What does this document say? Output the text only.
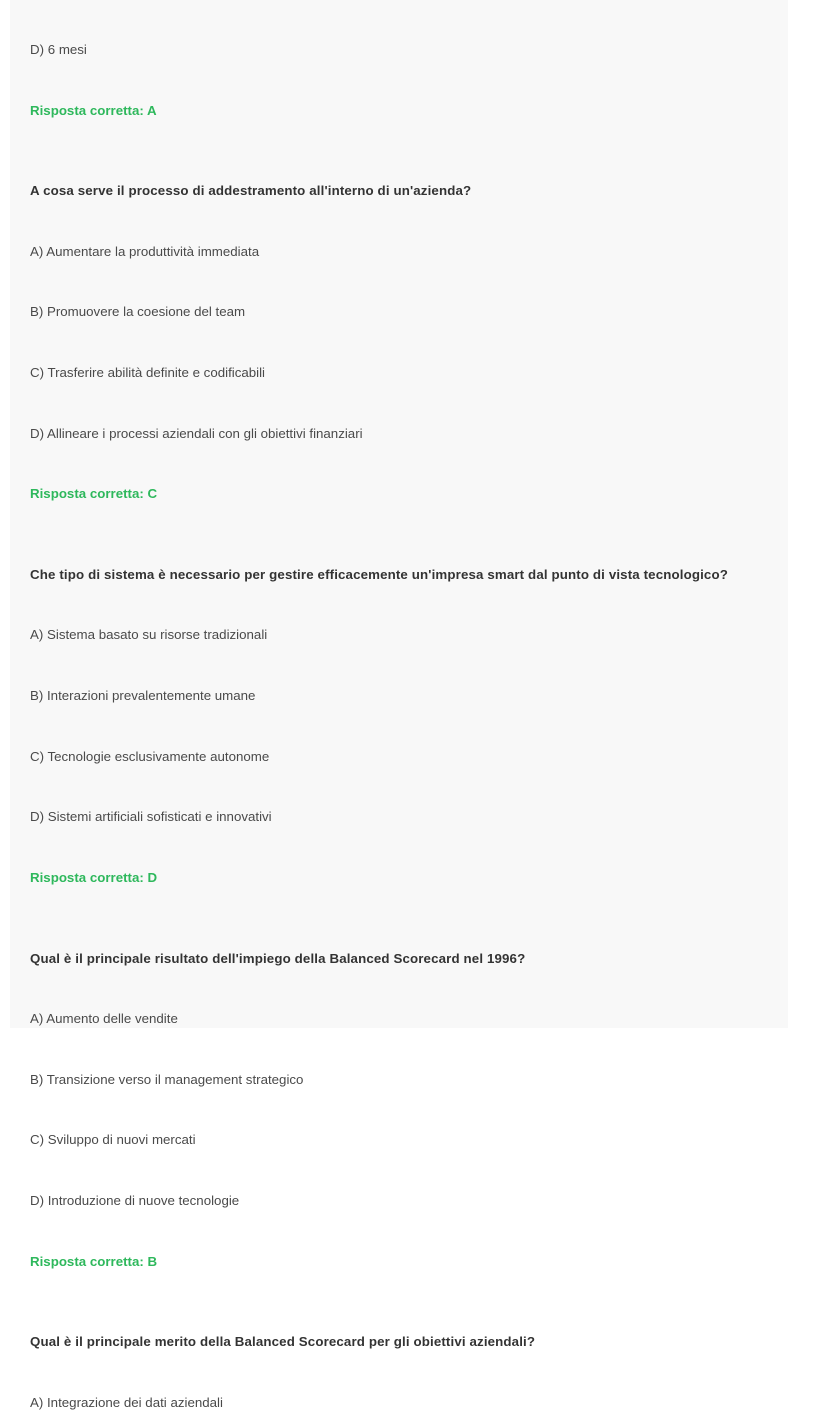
D) 6 mesi
Risposta corretta: A
A cosa serve il processo di addestramento all'interno di un'azienda?
A) Aumentare la produttività immediata
B) Promuovere la coesione del team
C) Trasferire abilità definite e codificabili
D) Allineare i processi aziendali con gli obiettivi finanziari
Risposta corretta: C
Che tipo di sistema è necessario per gestire efficacemente un'impresa smart dal punto di vista tecnologico?
A) Sistema basato su risorse tradizionali
B) Interazioni prevalentemente umane
C) Tecnologie esclusivamente autonome
D) Sistemi artificiali sofisticati e innovativi
Risposta corretta: D
Qual è il principale risultato dell'impiego della Balanced Scorecard nel 1996?
A) Aumento delle vendite
B) Transizione verso il management strategico
C) Sviluppo di nuovi mercati
D) Introduzione di nuove tecnologie
Risposta corretta: B
Qual è il principale merito della Balanced Scorecard per gli obiettivi aziendali?
A) Integrazione dei dati aziendali
